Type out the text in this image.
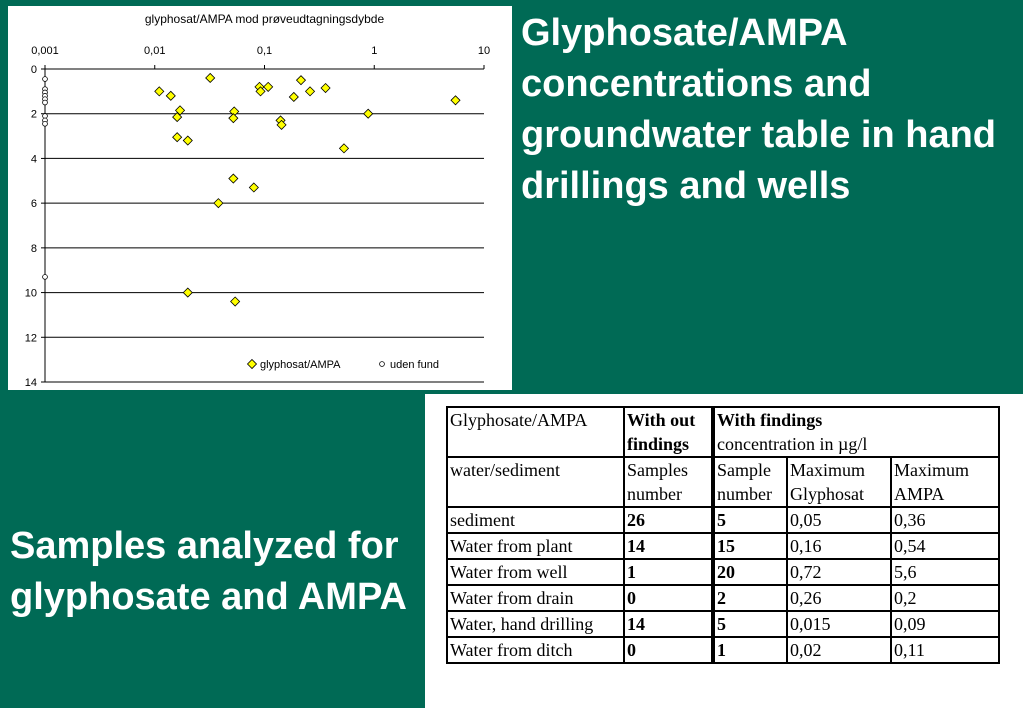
glyphosat/AMPA mod prøveudtagningsdybde
0
2
4
6
8
10
12
14
0,001	0,01	0,1	1	10
glyphosat/AMPA	uden fund
Glyphosate/AMPA concentrations and groundwater table in hand drillings and wells
Samples analyzed for glyphosate and AMPA
Glyphosate/AMPA	With out findings	With findings
concentration in µg/l		

water/sediment	Samples number	Sample number	Maximum Glyphosat	Maximum AMPA
sediment	26	5	0,05	0,36
Water from plant	14	15	0,16	0,54
Water from well	1	20	0,72	5,6
Water from drain	0	2	0,26	0,2
Water, hand drilling	14	5	0,015	0,09
Water from ditch	0	1	0,02	0,11
